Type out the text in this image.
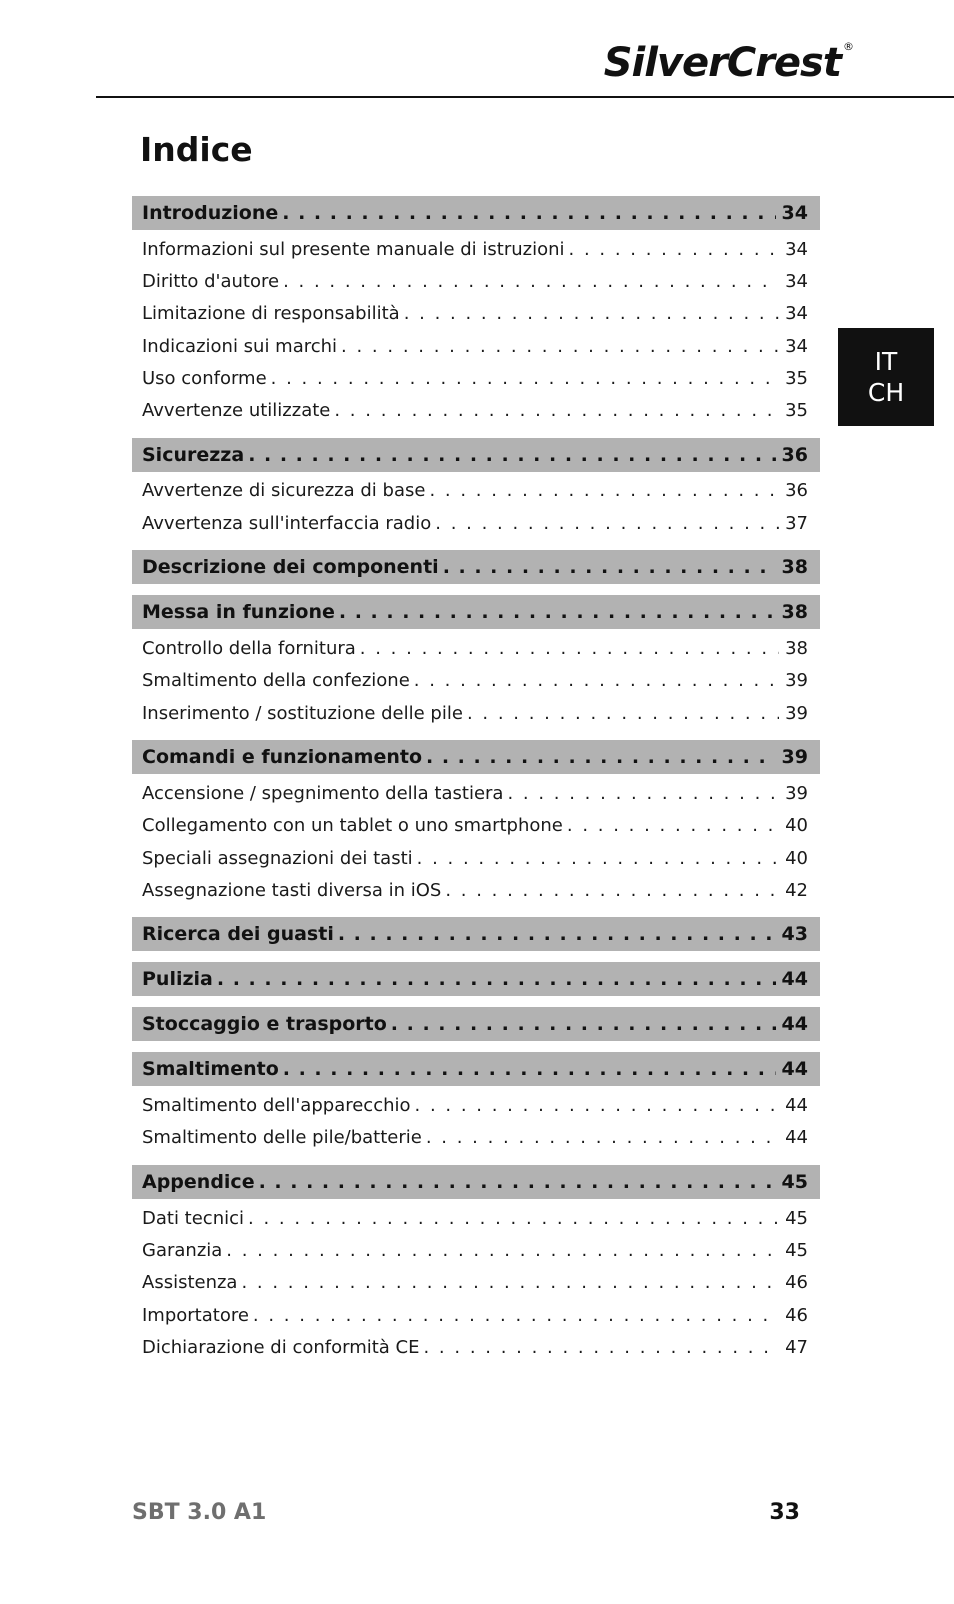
SilverCrest ®
Indice
Introduzione . . .	34
Informazioni sul presente manuale di istruzioni . . .	34
Diritto d'autore . . .	34
Limitazione di responsabilità . . .	34
Indicazioni sui marchi . . .	34
Uso conforme . . .	35
Avvertenze utilizzate . . .	35
Sicurezza . . .	36
Avvertenze di sicurezza di base . . .	36
Avvertenza sull'interfaccia radio . . .	37
Descrizione dei componenti . . .	38
Messa in funzione . . .	38
Controllo della fornitura . . .	38
Smaltimento della confezione . . .	39
Inserimento / sostituzione delle pile . . .	39
Comandi e funzionamento . . .	39
Accensione / spegnimento della tastiera . . .	39
Collegamento con un tablet o uno smartphone . . .	40
Speciali assegnazioni dei tasti . . .	40
Assegnazione tasti diversa in iOS . . .	42
Ricerca dei guasti . . .	43
Pulizia . . .	44
Stoccaggio e trasporto . . .	44
Smaltimento . . .	44
Smaltimento dell'apparecchio . . .	44
Smaltimento delle pile/batterie . . .	44
Appendice . . .	45
Dati tecnici . . .	45
Garanzia . . .	45
Assistenza . . .	46
Importatore . . .	46
Dichiarazione di conformità CE . . .	47
IT
CH
SBT 3.0 A1	33
